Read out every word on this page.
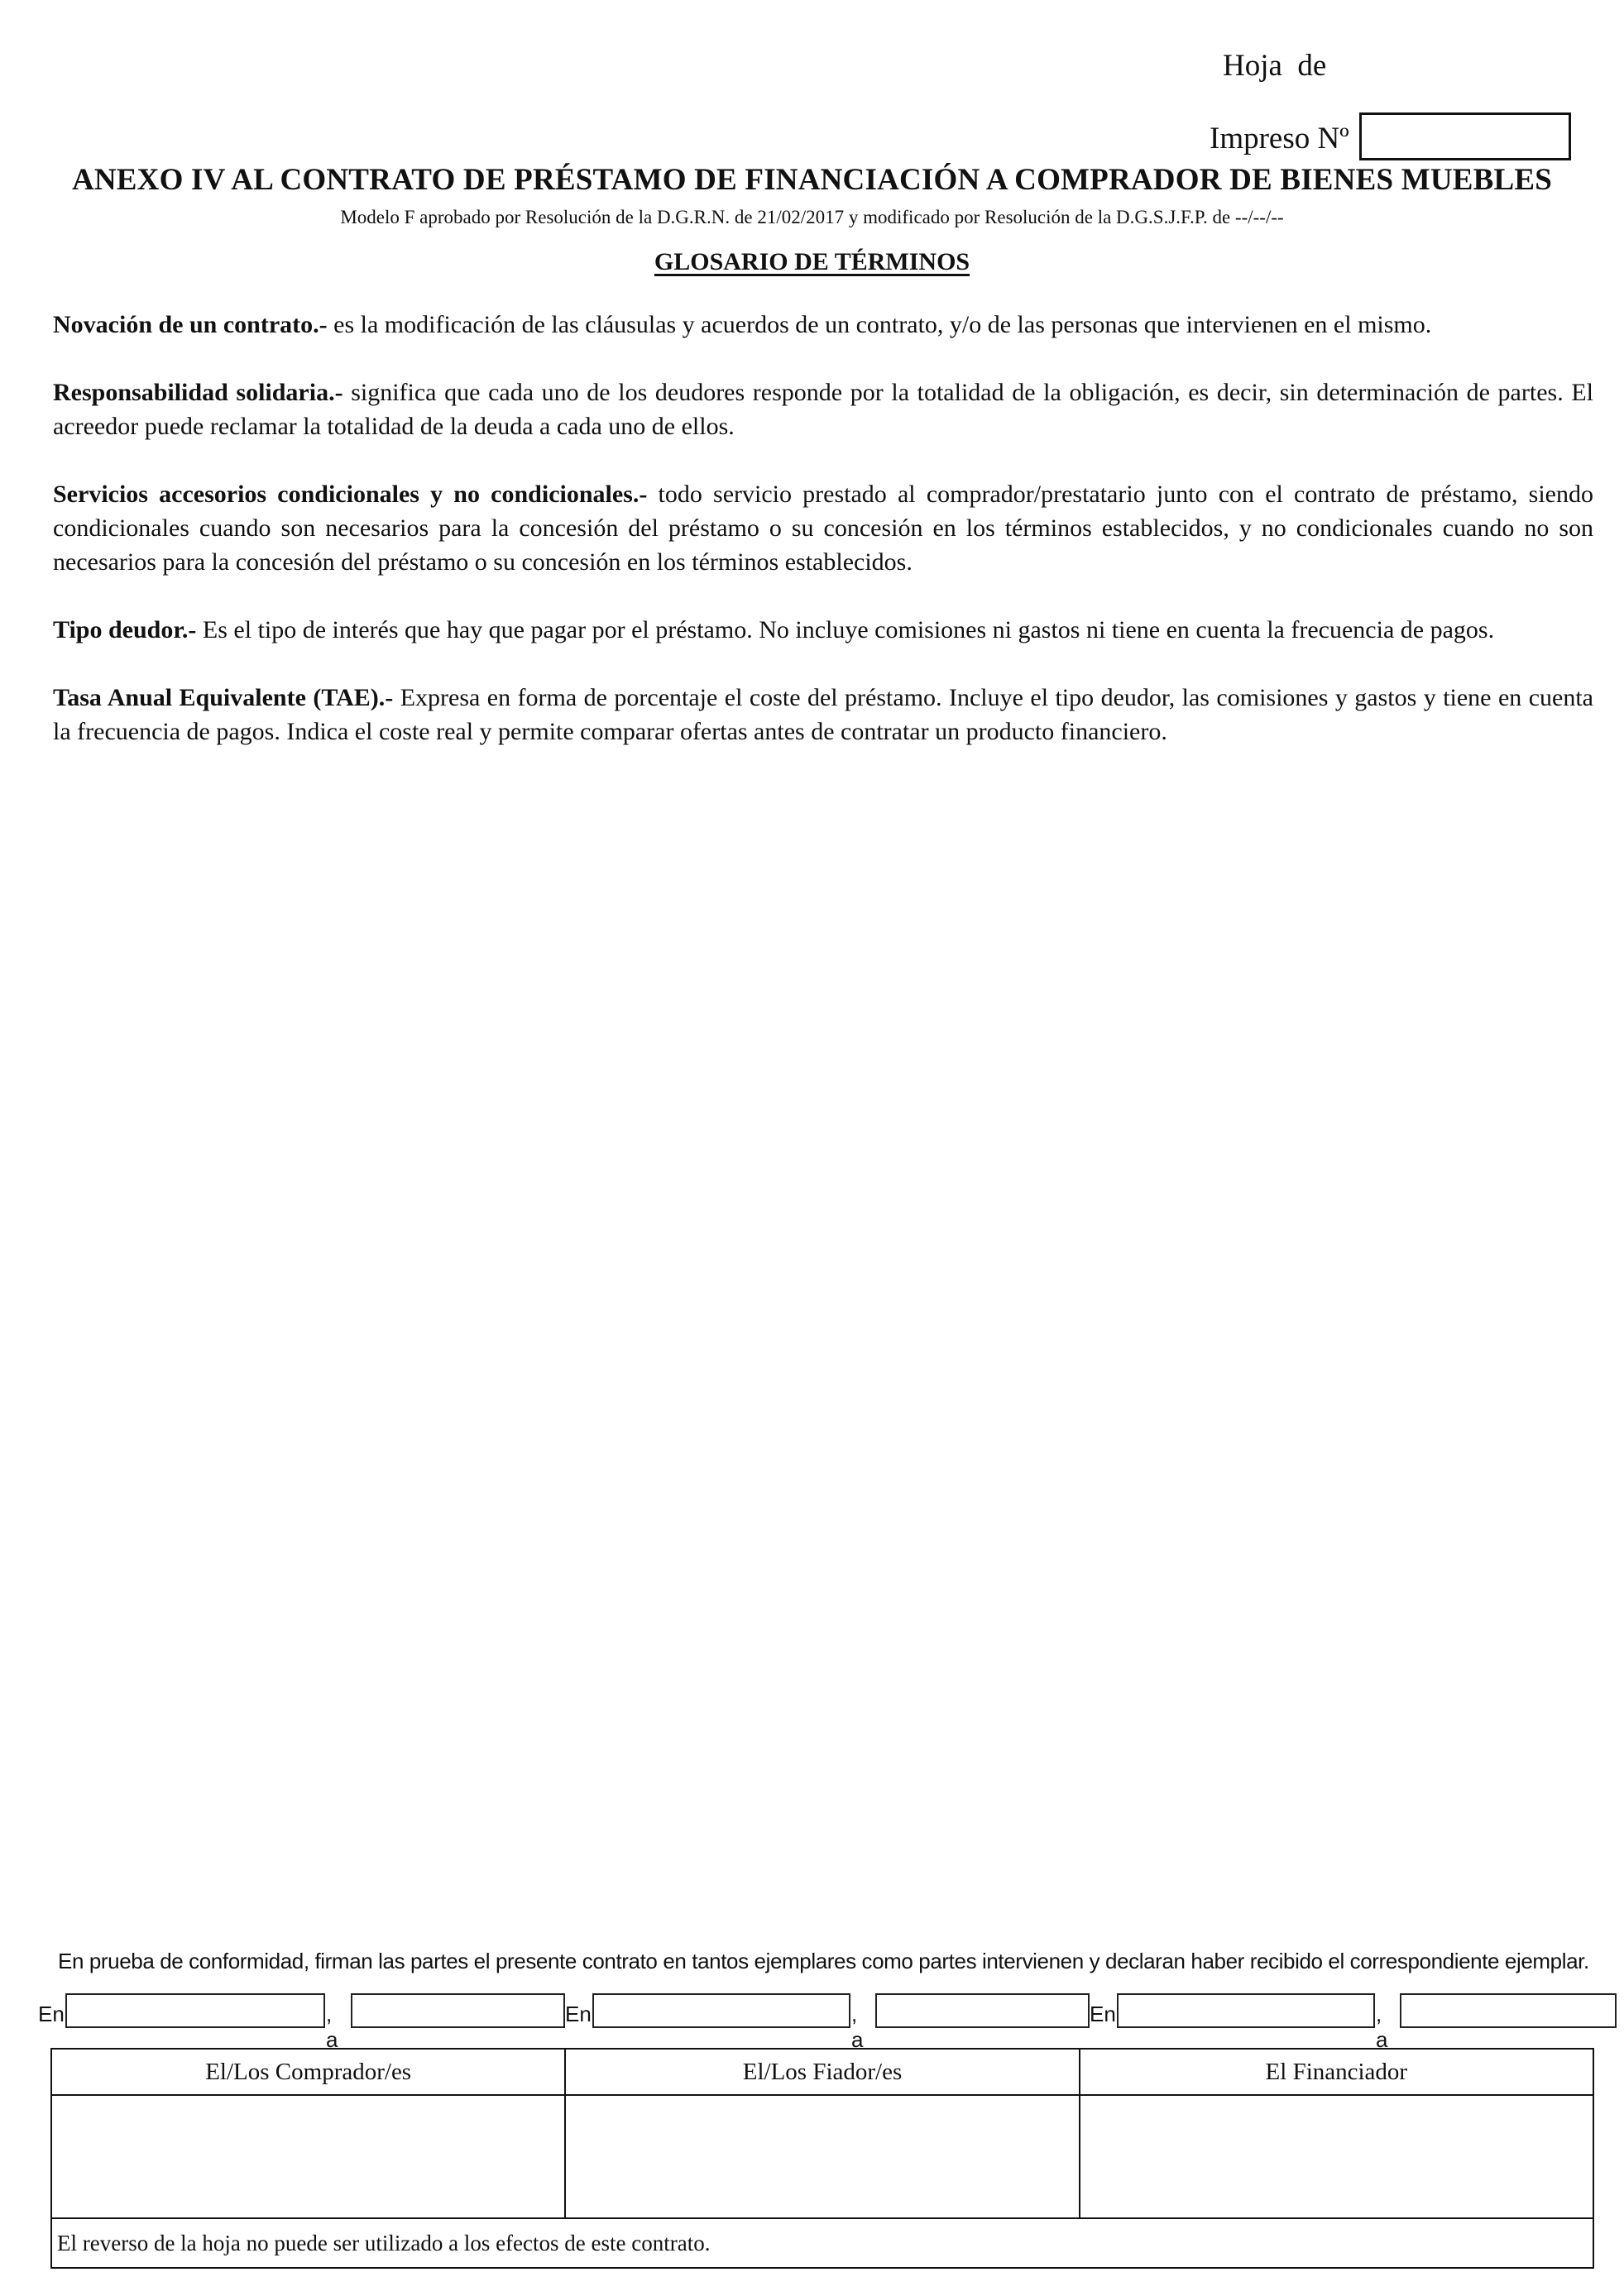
Hoja  de
Impreso Nº
ANEXO IV AL CONTRATO DE PRÉSTAMO DE FINANCIACIÓN A COMPRADOR DE BIENES MUEBLES
Modelo F aprobado por Resolución de la D.G.R.N. de 21/02/2017 y modificado por Resolución de la D.G.S.J.F.P. de --/--/--
GLOSARIO DE TÉRMINOS

Novación de un contrato.- es la modificación de las cláusulas y acuerdos de un contrato, y/o de las personas que intervienen en el mismo.

Responsabilidad solidaria.- significa que cada uno de los deudores responde por la totalidad de la obligación, es decir, sin determinación de partes. El acreedor puede reclamar la totalidad de la deuda a cada uno de ellos.

Servicios accesorios condicionales y no condicionales.- todo servicio prestado al comprador/prestatario junto con el contrato de préstamo, siendo condicionales cuando son necesarios para la concesión del préstamo o su concesión en los términos establecidos, y no condicionales cuando no son necesarios para la concesión del préstamo o su concesión en los términos establecidos.

Tipo deudor.- Es el tipo de interés que hay que pagar por el préstamo. No incluye comisiones ni gastos ni tiene en cuenta la frecuencia de pagos.

Tasa Anual Equivalente (TAE).- Expresa en forma de porcentaje el coste del préstamo. Incluye el tipo deudor, las comisiones y gastos y tiene en cuenta la frecuencia de pagos. Indica el coste real y permite comparar ofertas antes de contratar un producto financiero.

En prueba de conformidad, firman las partes el presente contrato en tantos ejemplares como partes intervienen y declaran haber recibido el correspondiente ejemplar.
En	, a
En	, a
En	, a
El/Los Comprador/es	El/Los Fiador/es	El Financiador

El reverso de la hoja no puede ser utilizado a los efectos de este contrato.		
